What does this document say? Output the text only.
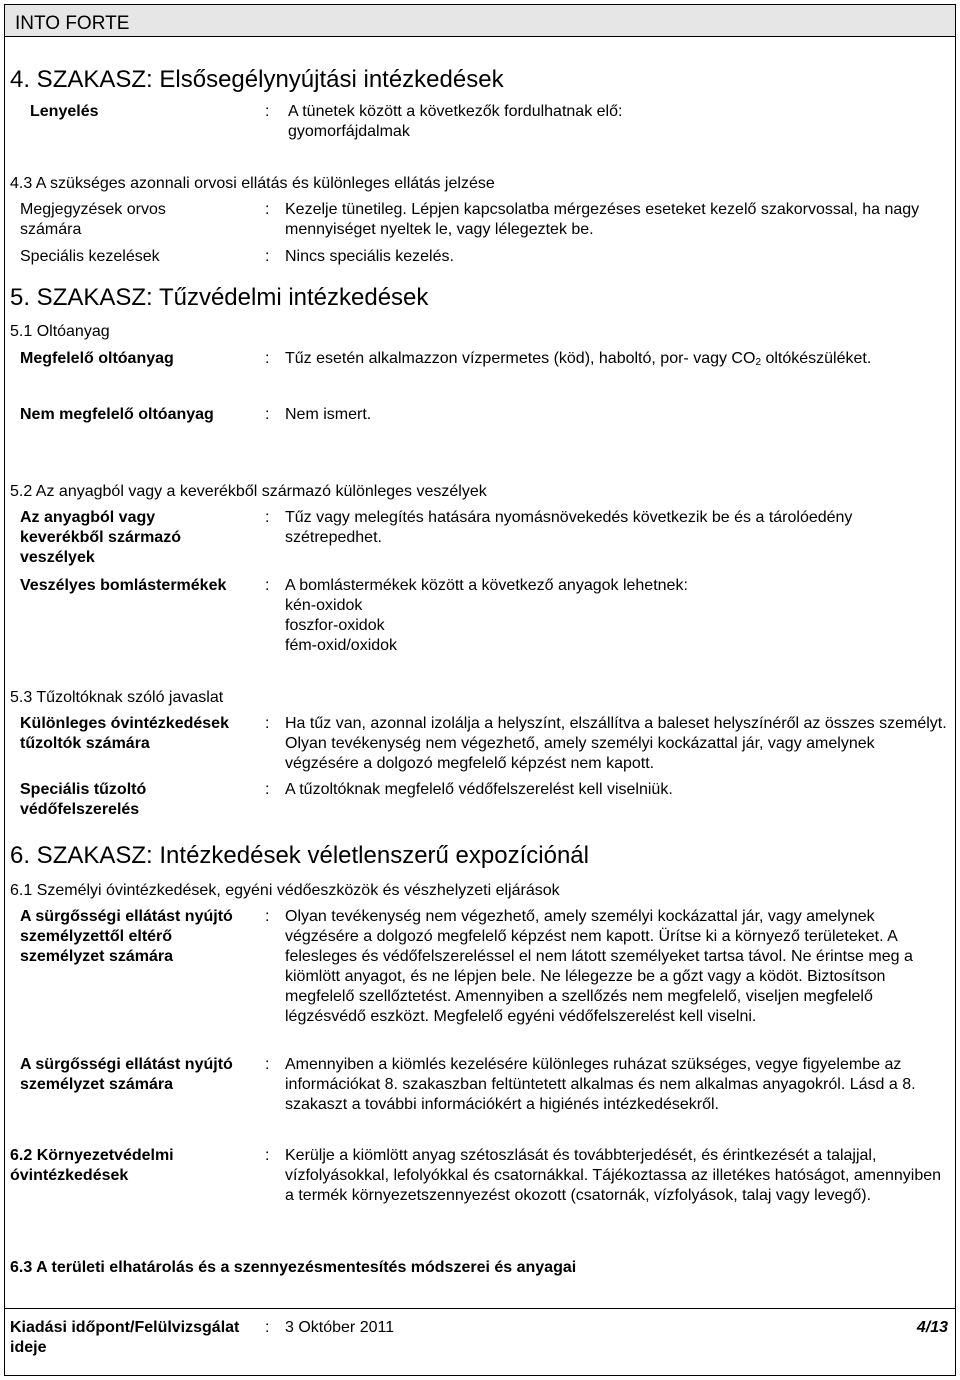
INTO FORTE
4. SZAKASZ: Elsősegélynyújtási intézkedések
Lenyelés	: A tünetek között a következők fordulhatnak elő:
gyomorfájdalmak
4.3 A szükséges azonnali orvosi ellátás és különleges ellátás jelzése
Megjegyzések orvos számára
: Kezelje tünetileg. Lépjen kapcsolatba mérgezéses eseteket kezelő szakorvossal, ha nagy mennyiséget nyeltek le, vagy lélegeztek be.
Speciális kezelések	: Nincs speciális kezelés.
5. SZAKASZ: Tűzvédelmi intézkedések
5.1 Oltóanyag
Megfelelő oltóanyag	: Tűz esetén alkalmazzon vízpermetes (köd), haboltó, por- vagy $CO_2$ oltókészüléket.
Nem megfelelő oltóanyag	: Nem ismert.
5.2 Az anyagból vagy a keverékből származó különleges veszélyek
Az anyagból vagy keverékből származó veszélyek
: Tűz vagy melegítés hatására nyomásnövekedés következik be és a tárolóedény szétrepedhet.
Veszélyes bomlástermékek	: A bomlástermékek között a következő anyagok lehetnek:
kén-oxidok
foszfor-oxidok
fém-oxid/oxidok
5.3 Tűzoltóknak szóló javaslat
Különleges óvintézkedések tűzoltók számára
: Ha tűz van, azonnal izolálja a helyszínt, elszállítva a baleset helyszínéről az összes személyt. Olyan tevékenység nem végezhető, amely személyi kockázattal jár, vagy amelynek végzésére a dolgozó megfelelő képzést nem kapott.
Speciális tűzoltó védőfelszerelés
: A tűzoltóknak megfelelő védőfelszerelést kell viselniük.
6. SZAKASZ: Intézkedések véletlenszerű expozíciónál
6.1 Személyi óvintézkedések, egyéni védőeszközök és vészhelyzeti eljárások
A sürgősségi ellátást nyújtó személyzettől eltérő személyzet számára
: Olyan tevékenység nem végezhető, amely személyi kockázattal jár, vagy amelynek végzésére a dolgozó megfelelő képzést nem kapott. Ürítse ki a környező területeket. A felesleges és védőfelszereléssel el nem látott személyeket tartsa távol. Ne érintse meg a kiömlött anyagot, és ne lépjen bele. Ne lélegezze be a gőzt vagy a ködöt. Biztosítson megfelelő szellőztetést. Amennyiben a szellőzés nem megfelelő, viseljen megfelelő légzésvédő eszközt. Megfelelő egyéni védőfelszerelést kell viselni.
A sürgősségi ellátást nyújtó személyzet számára
: Amennyiben a kiömlés kezelésére különleges ruházat szükséges, vegye figyelembe az információkat 8. szakaszban feltüntetett alkalmas és nem alkalmas anyagokról. Lásd a 8. szakaszt a további információkért a higiénés intézkedésekről.
6.2 Környezetvédelmi óvintézkedések
: Kerülje a kiömlött anyag szétoszlását és továbbterjedését, és érintkezését a talajjal, vízfolyásokkal, lefolyókkal és csatornákkal. Tájékoztassa az illetékes hatóságot, amennyiben a termék környezetszennyezést okozott (csatornák, vízfolyások, talaj vagy levegő).
6.3 A területi elhatárolás és a szennyezésmentesítés módszerei és anyagai
Kiadási időpont/Felülvizsgálat ideje
: 3 Október 2011	4/13
